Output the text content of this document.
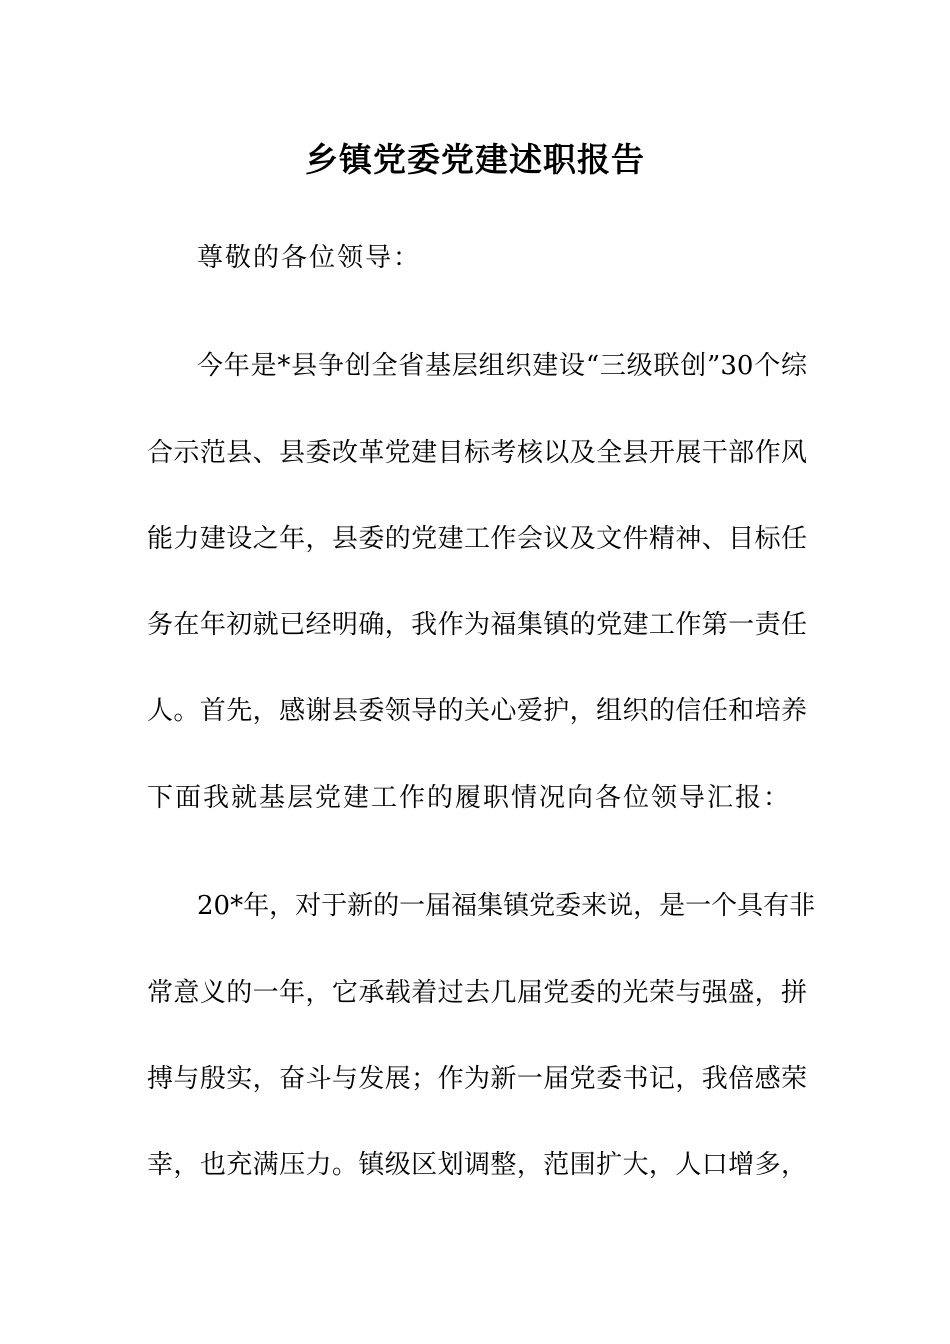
乡镇党委党建述职报告
尊敬的各位领导：
今年是*县争创全省基层组织建设“三级联创”30个综
合示范县、县委改革党建目标考核以及全县开展干部作风
能力建设之年，县委的党建工作会议及文件精神、目标任
务在年初就已经明确，我作为福集镇的党建工作第一责任
人。首先，感谢县委领导的关心爱护，组织的信任和培养
下面我就基层党建工作的履职情况向各位领导汇报：
20*年，对于新的一届福集镇党委来说，是一个具有非
常意义的一年，它承载着过去几届党委的光荣与强盛，拼
搏与殷实，奋斗与发展；作为新一届党委书记，我倍感荣
幸，也充满压力。镇级区划调整，范围扩大，人口增多，
